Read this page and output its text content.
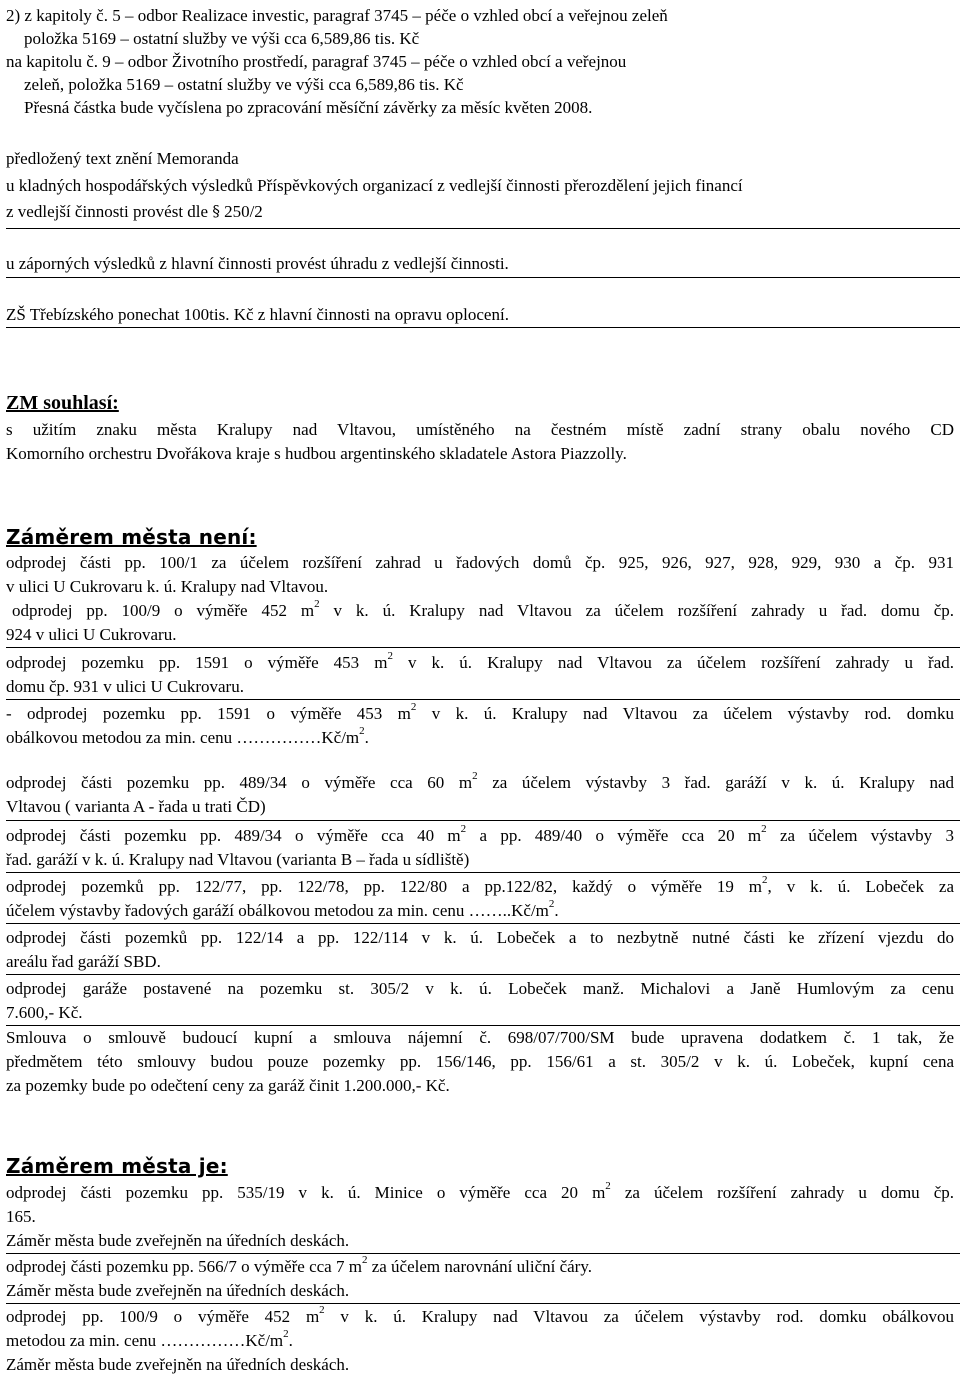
2) z kapitoly č. 5 – odbor Realizace investic, paragraf 3745 – péče o vzhled obcí a veřejnou zeleň
položka 5169 – ostatní služby ve výši cca 6,589,86 tis. Kč
na kapitolu č. 9 – odbor Životního prostředí, paragraf 3745 – péče o vzhled obcí a veřejnou
zeleň, položka 5169 – ostatní služby ve výši cca 6,589,86 tis. Kč
Přesná částka bude vyčíslena po zpracování měsíční závěrky za měsíc květen 2008.
předložený text znění Memoranda
u kladných hospodářských výsledků Příspěvkových organizací z vedlejší činnosti přerozdělení jejich financí
z vedlejší činnosti provést dle § 250/2
u záporných výsledků z hlavní činnosti provést úhradu z vedlejší činnosti.
ZŠ Třebízského ponechat 100tis. Kč z hlavní činnosti na opravu oplocení.
ZM souhlasí:
s užitím znaku města Kralupy nad Vltavou, umístěného na čestném místě zadní strany obalu nového CD
Komorního orchestru Dvořákova kraje s hudbou argentinského skladatele Astora Piazzolly.
Záměrem města není:
odprodej části pp. 100/1 za účelem rozšíření zahrad u řadových domů čp. 925, 926, 927, 928, 929, 930 a čp. 931
v ulici U Cukrovaru k. ú. Kralupy nad Vltavou.
odprodej pp. 100/9 o výměře 452 $m^2$ v k. ú. Kralupy nad Vltavou za účelem rozšíření zahrady u řad. domu čp.
924 v ulici U Cukrovaru.
odprodej pozemku pp. 1591 o výměře 453 $m^2$ v k. ú. Kralupy nad Vltavou za účelem rozšíření zahrady u řad.
domu čp. 931 v ulici U Cukrovaru.
- odprodej pozemku pp. 1591 o výměře 453 $m^2$ v k. ú. Kralupy nad Vltavou za účelem výstavby rod. domku
obálkovou metodou za min. cenu $\dots\dots\dots\dots\dots Kč/m^2$.
odprodej části pozemku pp. 489/34 o výměře cca 60 $m^2$ za účelem výstavby 3 řad. garáží v k. ú. Kralupy nad
Vltavou ( varianta A - řada u trati ČD)
odprodej části pozemku pp. 489/34 o výměře cca 40 $m^2$ a pp. 489/40 o výměře cca 20 $m^2$ za účelem výstavby 3
řad. garáží v k. ú. Kralupy nad Vltavou (varianta B – řada u sídliště)
odprodej pozemků pp. 122/77, pp. 122/78, pp. 122/80 a pp.122/82, každý o výměře 19 $m^2$, v k. ú. Lobeček za
účelem výstavby řadových garáží obálkovou metodou za min. cenu $\dots\dots..Kč/m^2$.
odprodej části pozemků pp. 122/14 a pp. 122/114 v k. ú. Lobeček a to nezbytně nutné části ke zřízení vjezdu do
areálu řad garáží SBD.
odprodej garáže postavené na pozemku st. 305/2 v k. ú. Lobeček manž. Michalovi a Janě Humlovým za cenu
7.600,- Kč.
Smlouva o smlouvě budoucí kupní a smlouva nájemní č. 698/07/700/SM bude upravena dodatkem č. 1 tak, že
předmětem této smlouvy budou pouze pozemky pp. 156/146, pp. 156/61 a st. 305/2 v k. ú. Lobeček, kupní cena
za pozemky bude po odečtení ceny za garáž činit 1.200.000,- Kč.
Záměrem města je:
odprodej části pozemku pp. 535/19 v k. ú. Minice o výměře cca 20 $m^2$ za účelem rozšíření zahrady u domu čp.
165.
Záměr města bude zveřejněn na úředních deskách.
odprodej části pozemku pp. 566/7 o výměře cca 7 $m^2$ za účelem narovnání uliční čáry.
Záměr města bude zveřejněn na úředních deskách.
odprodej pp. 100/9 o výměře 452 $m^2$ v k. ú. Kralupy nad Vltavou za účelem výstavby rod. domku obálkovou
metodou za min. cenu $\dots\dots\dots\dots\dots Kč/m^2$.
Záměr města bude zveřejněn na úředních deskách.
